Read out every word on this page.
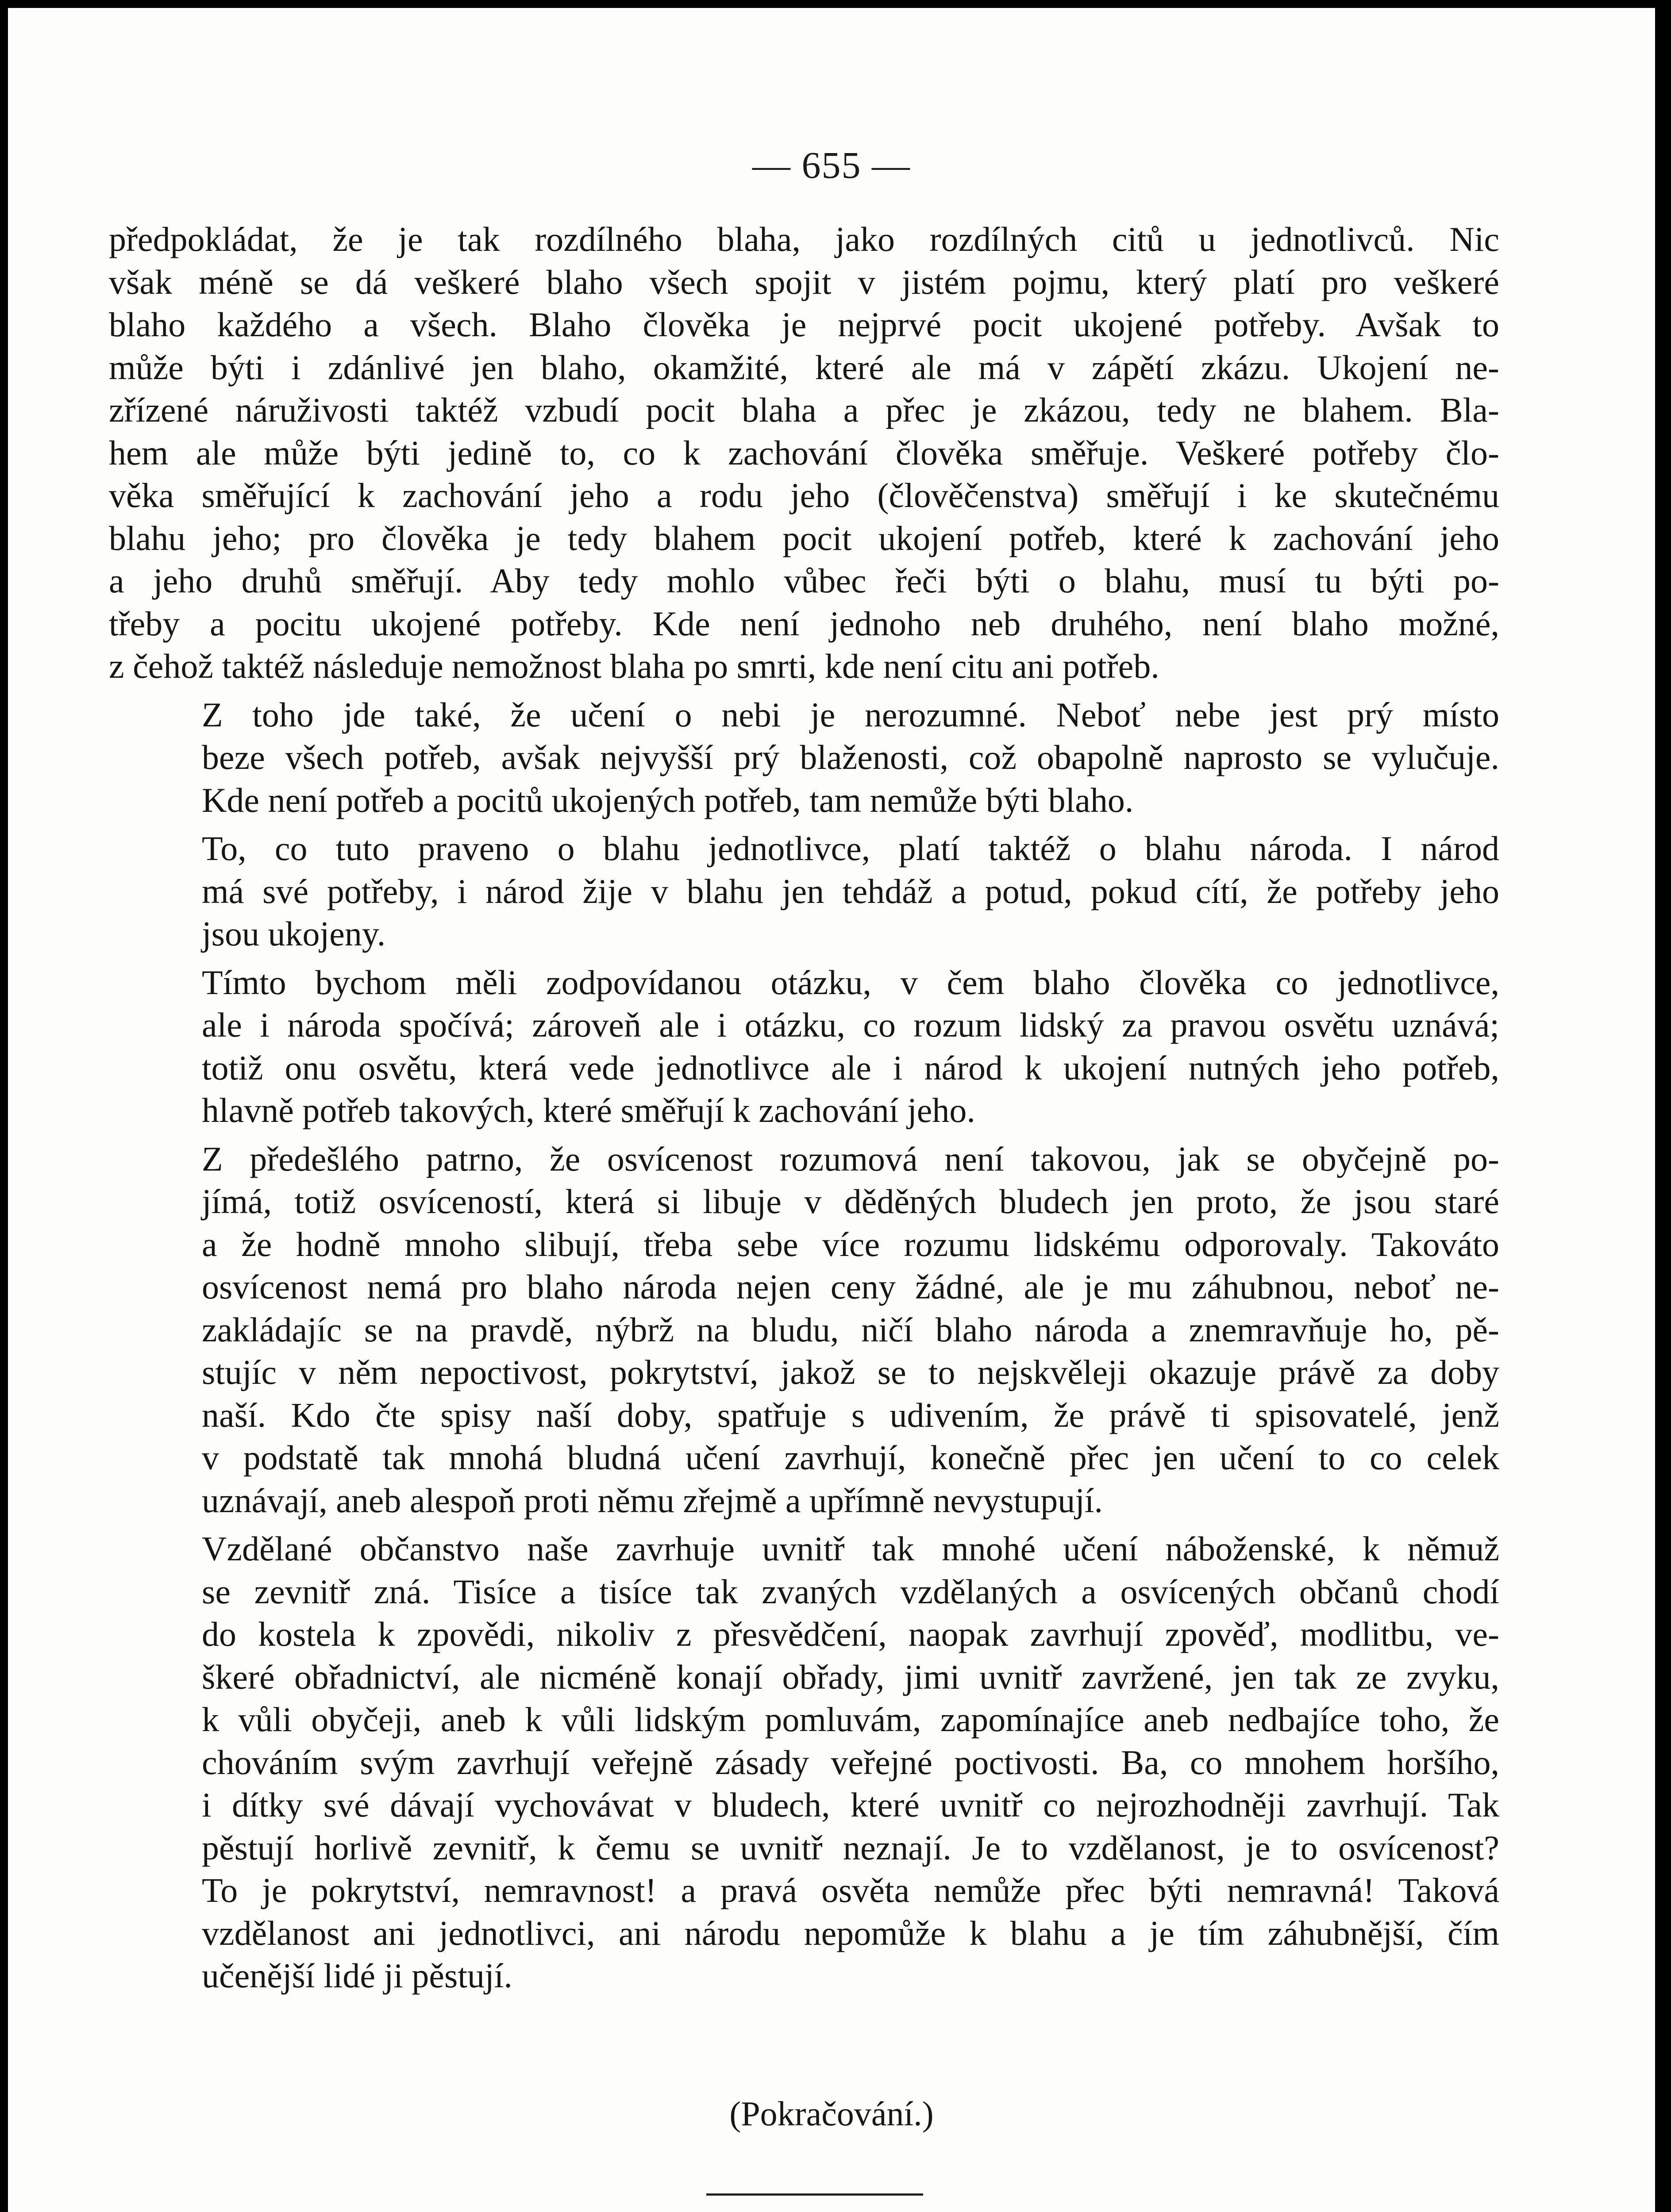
— 655 —
předpokládat, že je tak rozdílného blaha, jako rozdílných citů u jednotlivců. Nic
však méně se dá veškeré blaho všech spojit v jistém pojmu, který platí pro veškeré
blaho každého a všech. Blaho člověka je nejprvé pocit ukojené potřeby. Avšak to
může býti i zdánlivé jen blaho, okamžité, které ale má v zápětí zkázu. Ukojení ne-
zřízené náruživosti taktéž vzbudí pocit blaha a přec je zkázou, tedy ne blahem. Bla-
hem ale může býti jedině to, co k zachování člověka směřuje. Veškeré potřeby člo-
věka směřující k zachování jeho a rodu jeho (člověčenstva) směřují i ke skutečnému
blahu jeho; pro člověka je tedy blahem pocit ukojení potřeb, které k zachování jeho
a jeho druhů směřují. Aby tedy mohlo vůbec řeči býti o blahu, musí tu býti po-
třeby a pocitu ukojené potřeby. Kde není jednoho neb druhého, není blaho možné,
z čehož taktéž následuje nemožnost blaha po smrti, kde není citu ani potřeb.
Z toho jde také, že učení o nebi je nerozumné. Neboť nebe jest prý místo
beze všech potřeb, avšak nejvyšší prý blaženosti, což obapolně naprosto se vylučuje.
Kde není potřeb a pocitů ukojených potřeb, tam nemůže býti blaho.
To, co tuto praveno o blahu jednotlivce, platí taktéž o blahu národa. I národ
má své potřeby, i národ žije v blahu jen tehdáž a potud, pokud cítí, že potřeby jeho
jsou ukojeny.
Tímto bychom měli zodpovídanou otázku, v čem blaho člověka co jednotlivce,
ale i národa spočívá; zároveň ale i otázku, co rozum lidský za pravou osvětu uznává;
totiž onu osvětu, která vede jednotlivce ale i národ k ukojení nutných jeho potřeb,
hlavně potřeb takových, které směřují k zachování jeho.
Z předešlého patrno, že osvícenost rozumová není takovou, jak se obyčejně po-
jímá, totiž osvíceností, která si libuje v děděných bludech jen proto, že jsou staré
a že hodně mnoho slibují, třeba sebe více rozumu lidskému odporovaly. Takováto
osvícenost nemá pro blaho národa nejen ceny žádné, ale je mu záhubnou, neboť ne-
zakládajíc se na pravdě, nýbrž na bludu, ničí blaho národa a znemravňuje ho, pě-
stujíc v něm nepoctivost, pokrytství, jakož se to nejskvěleji okazuje právě za doby
naší. Kdo čte spisy naší doby, spatřuje s udivením, že právě ti spisovatelé, jenž
v podstatě tak mnohá bludná učení zavrhují, konečně přec jen učení to co celek
uznávají, aneb alespoň proti němu zřejmě a upřímně nevystupují.
Vzdělané občanstvo naše zavrhuje uvnitř tak mnohé učení náboženské, k němuž
se zevnitř zná. Tisíce a tisíce tak zvaných vzdělaných a osvícených občanů chodí
do kostela k zpovědi, nikoliv z přesvědčení, naopak zavrhují zpověď, modlitbu, ve-
škeré obřadnictví, ale nicméně konají obřady, jimi uvnitř zavržené, jen tak ze zvyku,
k vůli obyčeji, aneb k vůli lidským pomluvám, zapomínajíce aneb nedbajíce toho, že
chováním svým zavrhují veřejně zásady veřejné poctivosti. Ba, co mnohem horšího,
i dítky své dávají vychovávat v bludech, které uvnitř co nejrozhodněji zavrhují. Tak
pěstují horlivě zevnitř, k čemu se uvnitř neznají. Je to vzdělanost, je to osvícenost?
To je pokrytství, nemravnost! a pravá osvěta nemůže přec býti nemravná! Taková
vzdělanost ani jednotlivci, ani národu nepomůže k blahu a je tím záhubnější, čím
učenější lidé ji pěstují.
(Pokračování.)
